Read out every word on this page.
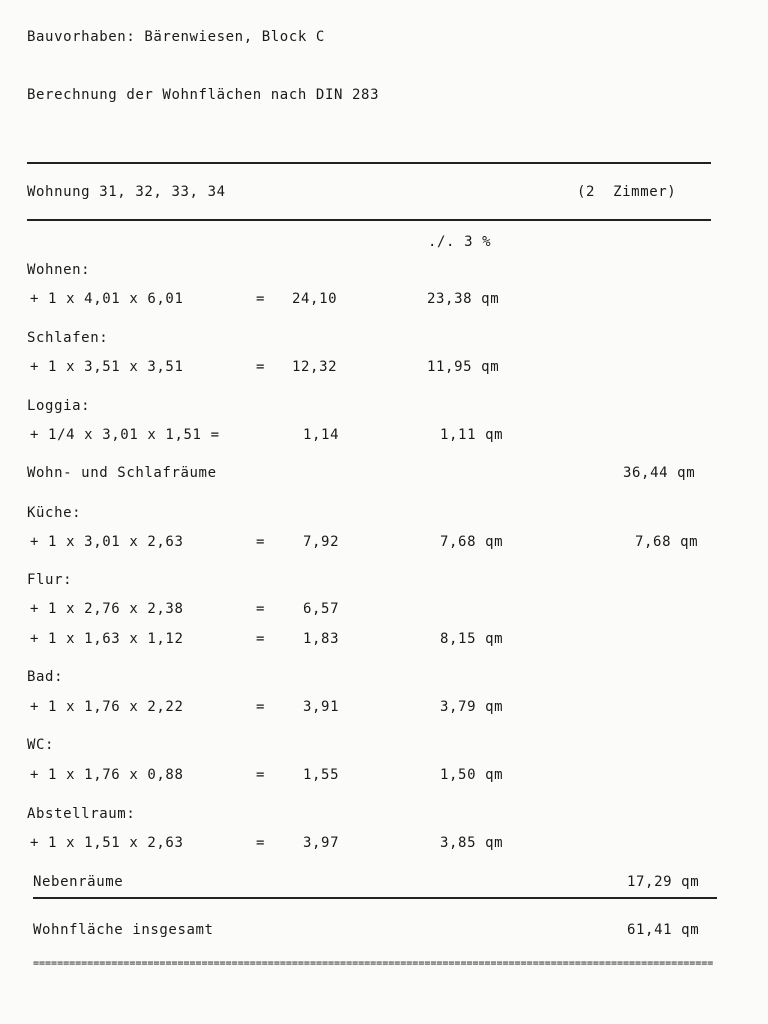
Bauvorhaben: Bärenwiesen, Block C
Berechnung der Wohnflächen nach DIN 283
Wohnung 31, 32, 33, 34	(2  Zimmer)
./. 3 %
Wohnen:
+ 1 x 4,01 x 6,01	= 24,10	23,38 qm
Schlafen:
+ 1 x 3,51 x 3,51	= 12,32	11,95 qm
Loggia:
+ 1/4 x 3,01 x 1,51 =	1,14	1,11 qm
Wohn- und Schlafräume	36,44 qm
Küche:
+ 1 x 3,01 x 2,63	=	7,92	7,68 qm	7,68 qm
Flur:
+ 1 x 2,76 x 2,38	=	6,57
+ 1 x 1,63 x 1,12	=	1,83	8,15 qm
Bad:
+ 1 x 1,76 x 2,22	=	3,91	3,79 qm
WC:
+ 1 x 1,76 x 0,88	=	1,55	1,50 qm
Abstellraum:
+ 1 x 1,51 x 2,63	=	3,97	3,85 qm
Nebenräume	17,29 qm
Wohnfläche insgesamt	61,41 qm
=================================================================================================================
